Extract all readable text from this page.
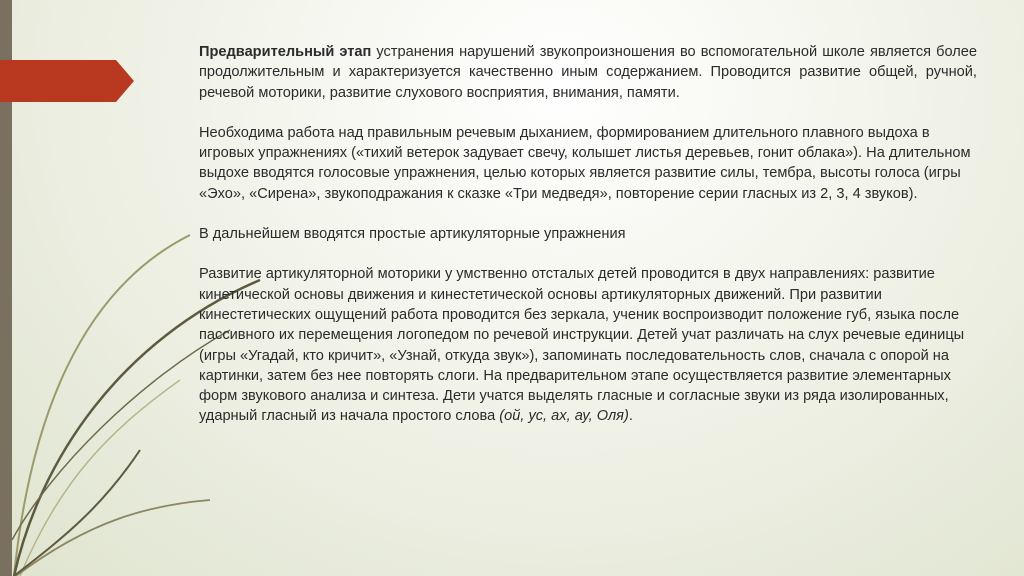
Предварительный этап устранения нарушений звукопроизношения во вспомогательной школе является более продолжительным и характеризуется качественно иным содержанием. Проводится развитие общей, ручной, речевой моторики, развитие слухового восприятия, внимания, памяти.

Необходима работа над правильным речевым дыханием, формированием длительного плавного выдоха в игровых упражнениях («тихий ветерок задувает свечу, колышет листья деревьев, гонит облака»). На длительном выдохе вводятся голосовые упражнения, целью которых является развитие силы, тембра, высоты голоса (игры «Эхо», «Сирена», звукоподражания к сказке «Три медведя», повторение серии гласных из 2, 3, 4 звуков).

В дальнейшем вводятся простые артикуляторные упражнения

Развитие артикуляторной моторики у умственно отсталых детей проводится в двух направлениях: развитие кинетической основы движения и кинестетической основы артикуляторных движений. При развитии кинестетических ощущений работа проводится без зеркала, ученик воспроизводит положение губ, языка после пассивного их перемещения логопедом по речевой инструкции. Детей учат различать на слух речевые единицы (игры «Угадай, кто кричит», «Узнай, откуда звук»), запоминать последовательность слов, сначала с опорой на картинки, затем без нее повторять слоги. На предварительном этапе осуществляется развитие элементарных форм звукового анализа и синтеза. Дети учатся выделять гласные и согласные звуки из ряда изолированных, ударный гласный из начала простого слова (ой, ус, ах, ау, Оля).
